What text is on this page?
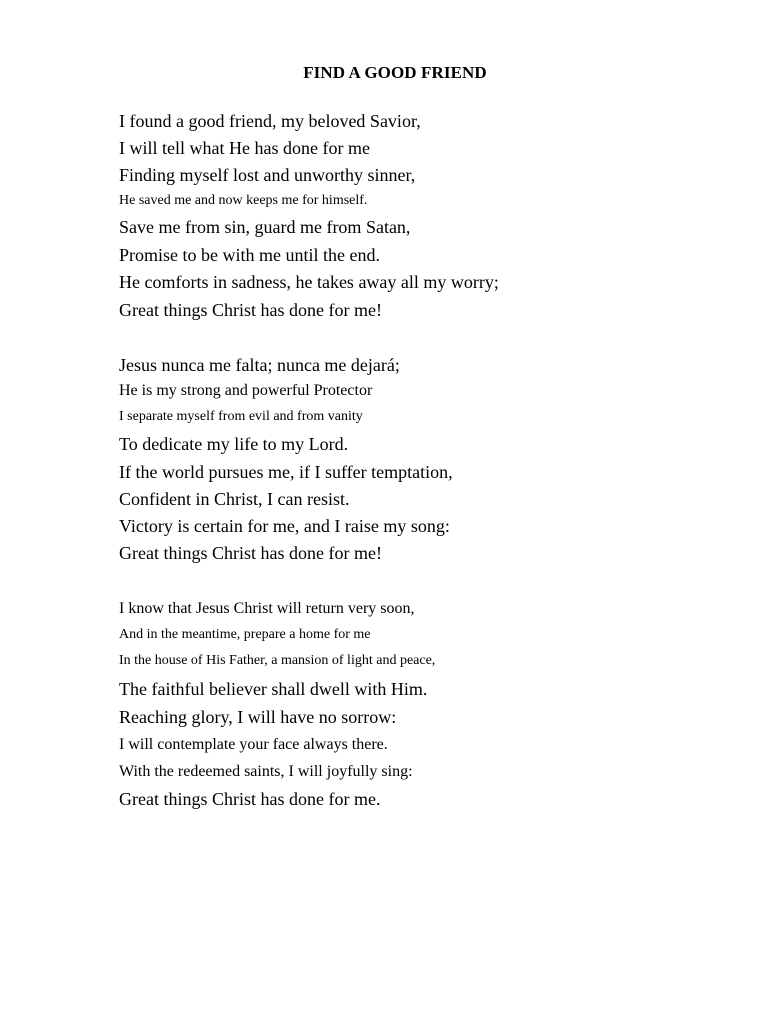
FIND A GOOD FRIEND
I found a good friend, my beloved Savior,
I will tell what He has done for me
Finding myself lost and unworthy sinner,
He saved me and now keeps me for himself.
Save me from sin, guard me from Satan,
Promise to be with me until the end.
He comforts in sadness, he takes away all my worry;
Great things Christ has done for me!
Jesus nunca me falta; nunca me dejará;
He is my strong and powerful Protector
I separate myself from evil and from vanity
To dedicate my life to my Lord.
If the world pursues me, if I suffer temptation,
Confident in Christ, I can resist.
Victory is certain for me, and I raise my song:
Great things Christ has done for me!
I know that Jesus Christ will return very soon,
And in the meantime, prepare a home for me
In the house of His Father, a mansion of light and peace,
The faithful believer shall dwell with Him.
Reaching glory, I will have no sorrow:
I will contemplate your face always there.
With the redeemed saints, I will joyfully sing:
Great things Christ has done for me.
